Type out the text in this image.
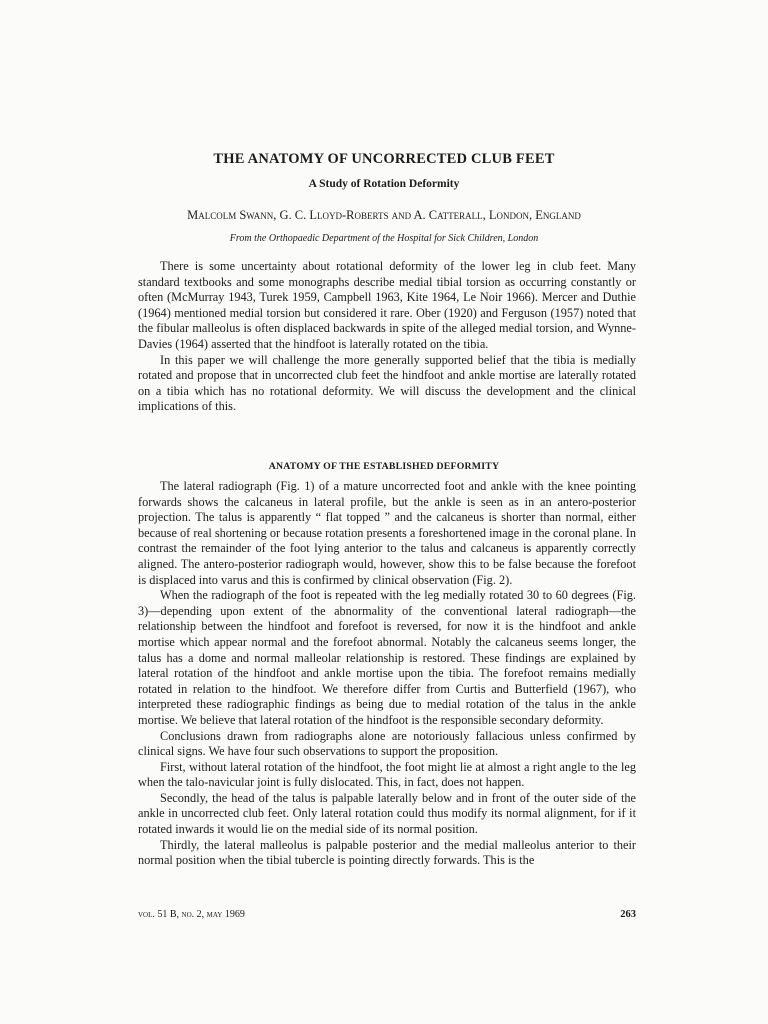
THE ANATOMY OF UNCORRECTED CLUB FEET
A Study of Rotation Deformity
Malcolm Swann, G. C. Lloyd-Roberts and A. Catterall, London, England
From the Orthopaedic Department of the Hospital for Sick Children, London

There is some uncertainty about rotational deformity of the lower leg in club feet. Many standard textbooks and some monographs describe medial tibial torsion as occurring constantly or often (McMurray 1943, Turek 1959, Campbell 1963, Kite 1964, Le Noir 1966). Mercer and Duthie (1964) mentioned medial torsion but considered it rare. Ober (1920) and Ferguson (1957) noted that the fibular malleolus is often displaced backwards in spite of the alleged medial torsion, and Wynne-Davies (1964) asserted that the hindfoot is laterally rotated on the tibia.

In this paper we will challenge the more generally supported belief that the tibia is medially rotated and propose that in uncorrected club feet the hindfoot and ankle mortise are laterally rotated on a tibia which has no rotational deformity. We will discuss the development and the clinical implications of this.

ANATOMY OF THE ESTABLISHED DEFORMITY

The lateral radiograph (Fig. 1) of a mature uncorrected foot and ankle with the knee pointing forwards shows the calcaneus in lateral profile, but the ankle is seen as in an antero-posterior projection. The talus is apparently “ flat topped ” and the calcaneus is shorter than normal, either because of real shortening or because rotation presents a foreshortened image in the coronal plane. In contrast the remainder of the foot lying anterior to the talus and calcaneus is apparently correctly aligned. The antero-posterior radiograph would, however, show this to be false because the forefoot is displaced into varus and this is confirmed by clinical observation (Fig. 2).

When the radiograph of the foot is repeated with the leg medially rotated 30 to 60 degrees (Fig. 3)—depending upon extent of the abnormality of the conventional lateral radiograph—the relationship between the hindfoot and forefoot is reversed, for now it is the hindfoot and ankle mortise which appear normal and the forefoot abnormal. Notably the calcaneus seems longer, the talus has a dome and normal malleolar relationship is restored. These findings are explained by lateral rotation of the hindfoot and ankle mortise upon the tibia. The forefoot remains medially rotated in relation to the hindfoot. We therefore differ from Curtis and Butterfield (1967), who interpreted these radiographic findings as being due to medial rotation of the talus in the ankle mortise. We believe that lateral rotation of the hindfoot is the responsible secondary deformity.

Conclusions drawn from radiographs alone are notoriously fallacious unless confirmed by clinical signs. We have four such observations to support the proposition.

First, without lateral rotation of the hindfoot, the foot might lie at almost a right angle to the leg when the talo-navicular joint is fully dislocated. This, in fact, does not happen.

Secondly, the head of the talus is palpable laterally below and in front of the outer side of the ankle in uncorrected club feet. Only lateral rotation could thus modify its normal alignment, for if it rotated inwards it would lie on the medial side of its normal position.

Thirdly, the lateral malleolus is palpable posterior and the medial malleolus anterior to their normal position when the tibial tubercle is pointing directly forwards. This is the

vol. 51 B, no. 2, may 1969	263
